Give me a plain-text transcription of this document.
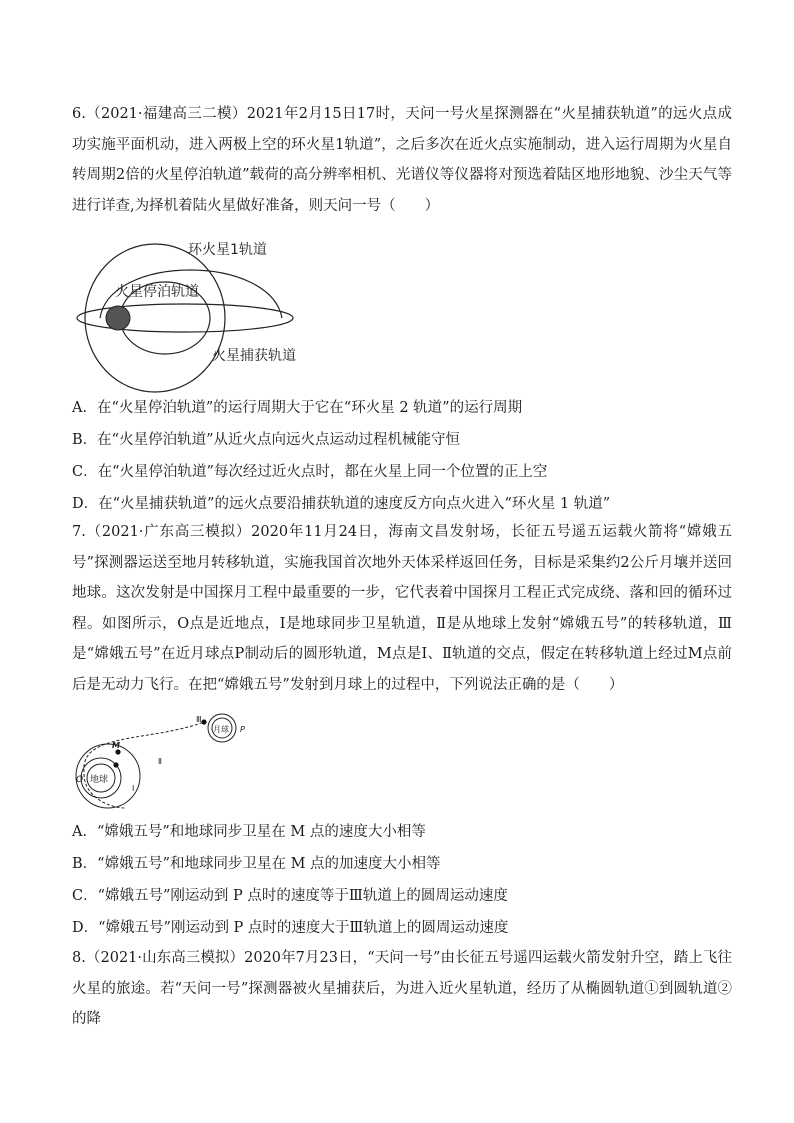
6.（2021·福建高三二模）2021年2月15日17时，天问一号火星探测器在“火星捕获轨道”的远火点成功实施平面机动，进入两极上空的环火星1轨道”，之后多次在近火点实施制动，进入运行周期为火星自转周期2倍的火星停泊轨道”载荷的高分辨率相机、光谱仪等仪器将对预选着陆区地形地貌、沙尘天气等进行详查,为择机着陆火星做好准备，则天问一号（　　）
环火星1轨道
火星停泊轨道
火星捕获轨道
A．在“火星停泊轨道”的运行周期大于它在“环火星 2 轨道”的运行周期
B．在“火星停泊轨道”从近火点向远火点运动过程机械能守恒
C．在“火星停泊轨道”每次经过近火点时，都在火星上同一个位置的正上空
D．在“火星捕获轨道”的远火点要沿捕获轨道的速度反方向点火进入“环火星 1 轨道”
7.（2021·广东高三模拟）2020年11月24日，海南文昌发射场，长征五号遥五运载火箭将“嫦娥五号”探测器运送至地月转移轨道，实施我国首次地外天体采样返回任务，目标是采集约2公斤月壤并送回地球。这次发射是中国探月工程中最重要的一步，它代表着中国探月工程正式完成绕、落和回的循环过程。如图所示，O点是近地点，Ⅰ是地球同步卫星轨道，Ⅱ是从地球上发射“嫦娥五号”的转移轨道，Ⅲ是“嫦娥五号”在近月球点P制动后的圆形轨道，M点是Ⅰ、Ⅱ轨道的交点，假定在转移轨道上经过M点前后是无动力飞行。在把“嫦娥五号”发射到月球上的过程中，下列说法正确的是（　　）
地球
月球
Ⅲ
P
M
O
Ⅱ
Ⅰ
A．“嫦娥五号”和地球同步卫星在 M 点的速度大小相等
B．“嫦娥五号”和地球同步卫星在 M 点的加速度大小相等
C．“嫦娥五号”刚运动到 P 点时的速度等于Ⅲ轨道上的圆周运动速度
D．“嫦娥五号”刚运动到 P 点时的速度大于Ⅲ轨道上的圆周运动速度
8.（2021·山东高三模拟）2020年7月23日，“天问一号”由长征五号遥四运载火箭发射升空，踏上飞往火星的旅途。若“天问一号”探测器被火星捕获后，为进入近火星轨道，经历了从椭圆轨道①到圆轨道②的降
